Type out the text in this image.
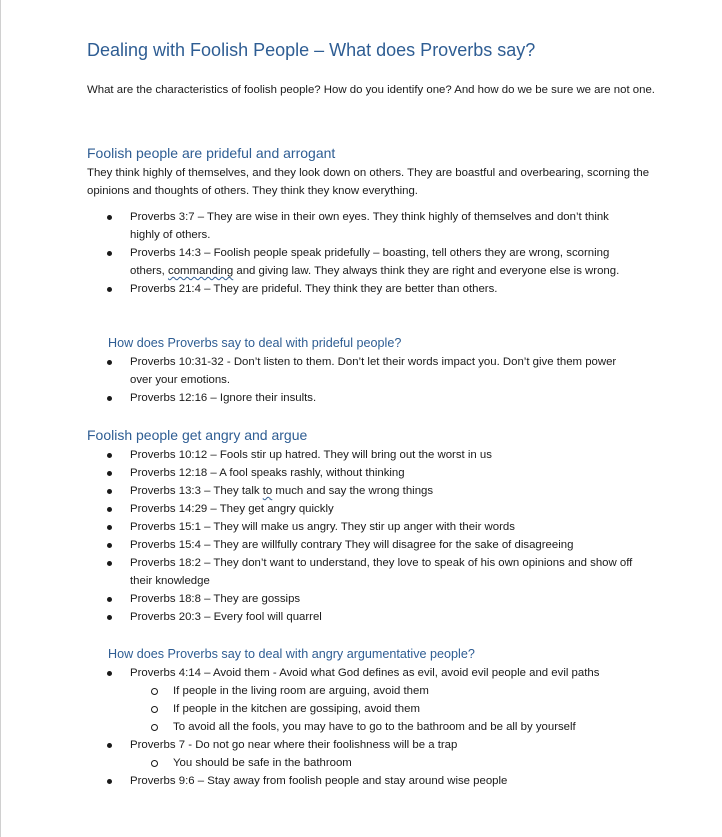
Dealing with Foolish People – What does Proverbs say?
What are the characteristics of foolish people? How do you identify one? And how do we be sure we are not one.
Foolish people are prideful and arrogant
They think highly of themselves, and they look down on others. They are boastful and overbearing, scorning the opinions and thoughts of others. They think they know everything.
Proverbs 3:7 – They are wise in their own eyes. They think highly of themselves and don’t think highly of others.
Proverbs 14:3 – Foolish people speak pridefully – boasting, tell others they are wrong, scorning others, commanding and giving law. They always think they are right and everyone else is wrong.
Proverbs 21:4 – They are prideful. They think they are better than others.
How does Proverbs say to deal with prideful people?
Proverbs 10:31-32 - Don’t listen to them. Don’t let their words impact you. Don’t give them power over your emotions.
Proverbs 12:16 – Ignore their insults.
Foolish people get angry and argue
Proverbs 10:12 – Fools stir up hatred. They will bring out the worst in us
Proverbs 12:18 – A fool speaks rashly, without thinking
Proverbs 13:3 – They talk to much and say the wrong things
Proverbs 14:29 – They get angry quickly
Proverbs 15:1 – They will make us angry. They stir up anger with their words
Proverbs 15:4 – They are willfully contrary They will disagree for the sake of disagreeing
Proverbs 18:2 – They don’t want to understand, they love to speak of his own opinions and show off their knowledge
Proverbs 18:8 – They are gossips
Proverbs 20:3 – Every fool will quarrel
How does Proverbs say to deal with angry argumentative people?
Proverbs 4:14 – Avoid them - Avoid what God defines as evil, avoid evil people and evil paths
If people in the living room are arguing, avoid them
If people in the kitchen are gossiping, avoid them
To avoid all the fools, you may have to go to the bathroom and be all by yourself
Proverbs 7 - Do not go near where their foolishness will be a trap
You should be safe in the bathroom
Proverbs 9:6 – Stay away from foolish people and stay around wise people
